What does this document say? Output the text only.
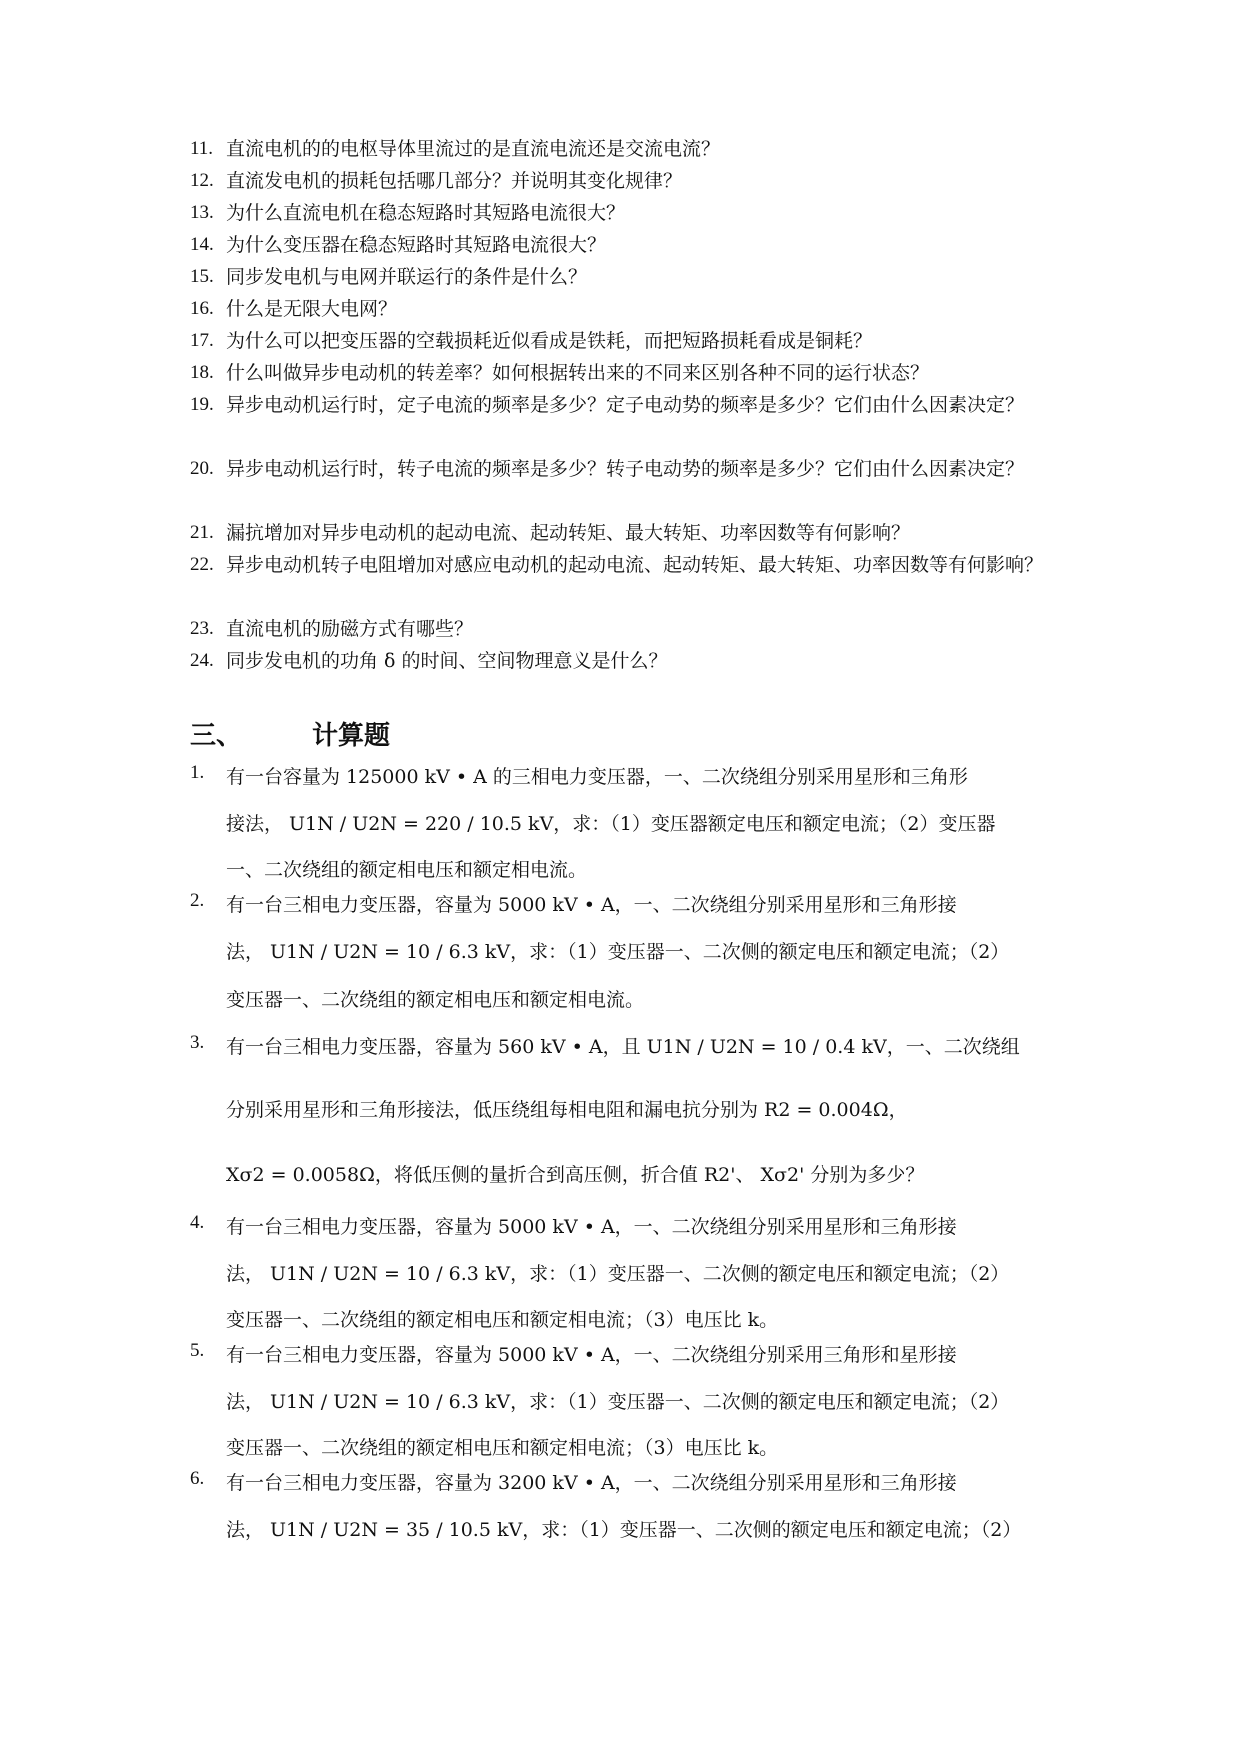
11. 直流电机的的电枢导体里流过的是直流电流还是交流电流？
12. 直流发电机的损耗包括哪几部分？并说明其变化规律？
13. 为什么直流电机在稳态短路时其短路电流很大？
14. 为什么变压器在稳态短路时其短路电流很大？
15. 同步发电机与电网并联运行的条件是什么？
16. 什么是无限大电网？
17. 为什么可以把变压器的空载损耗近似看成是铁耗，而把短路损耗看成是铜耗？
18. 什么叫做异步电动机的转差率？如何根据转出来的不同来区别各种不同的运行状态？
19. 异步电动机运行时，定子电流的频率是多少？定子电动势的频率是多少？它们由什么因素决定？
20. 异步电动机运行时，转子电流的频率是多少？转子电动势的频率是多少？它们由什么因素决定？
21. 漏抗增加对异步电动机的起动电流、起动转矩、最大转矩、功率因数等有何影响？
22. 异步电动机转子电阻增加对感应电动机的起动电流、起动转矩、最大转矩、功率因数等有何影响？
23. 直流电机的励磁方式有哪些？
24. 同步发电机的功角 δ 的时间、空间物理意义是什么？
三、	计算题
1. 有一台容量为 125000 kV • A 的三相电力变压器，一、二次绕组分别采用星形和三角形
接法， U1N / U2N = 220 / 10.5 kV，求：（1）变压器额定电压和额定电流；（2）变压器
一、二次绕组的额定相电压和额定相电流。
2. 有一台三相电力变压器，容量为 5000 kV • A，一、二次绕组分别采用星形和三角形接
法， U1N / U2N = 10 / 6.3 kV，求：（1）变压器一、二次侧的额定电压和额定电流；（2）
变压器一、二次绕组的额定相电压和额定相电流。
3. 有一台三相电力变压器，容量为 560 kV • A，且 U1N / U2N = 10 / 0.4 kV，一、二次绕组
分别采用星形和三角形接法，低压绕组每相电阻和漏电抗分别为 R2 = 0.004Ω，
Xσ2 = 0.0058Ω，将低压侧的量折合到高压侧，折合值 R2'、 Xσ2' 分别为多少？
4. 有一台三相电力变压器，容量为 5000 kV • A，一、二次绕组分别采用星形和三角形接
法， U1N / U2N = 10 / 6.3 kV，求：（1）变压器一、二次侧的额定电压和额定电流；（2）
变压器一、二次绕组的额定相电压和额定相电流；（3）电压比 k。
5. 有一台三相电力变压器，容量为 5000 kV • A，一、二次绕组分别采用三角形和星形接
法， U1N / U2N = 10 / 6.3 kV，求：（1）变压器一、二次侧的额定电压和额定电流；（2）
变压器一、二次绕组的额定相电压和额定相电流；（3）电压比 k。
6. 有一台三相电力变压器，容量为 3200 kV • A，一、二次绕组分别采用星形和三角形接
法， U1N / U2N = 35 / 10.5 kV，求：（1）变压器一、二次侧的额定电压和额定电流；（2）
